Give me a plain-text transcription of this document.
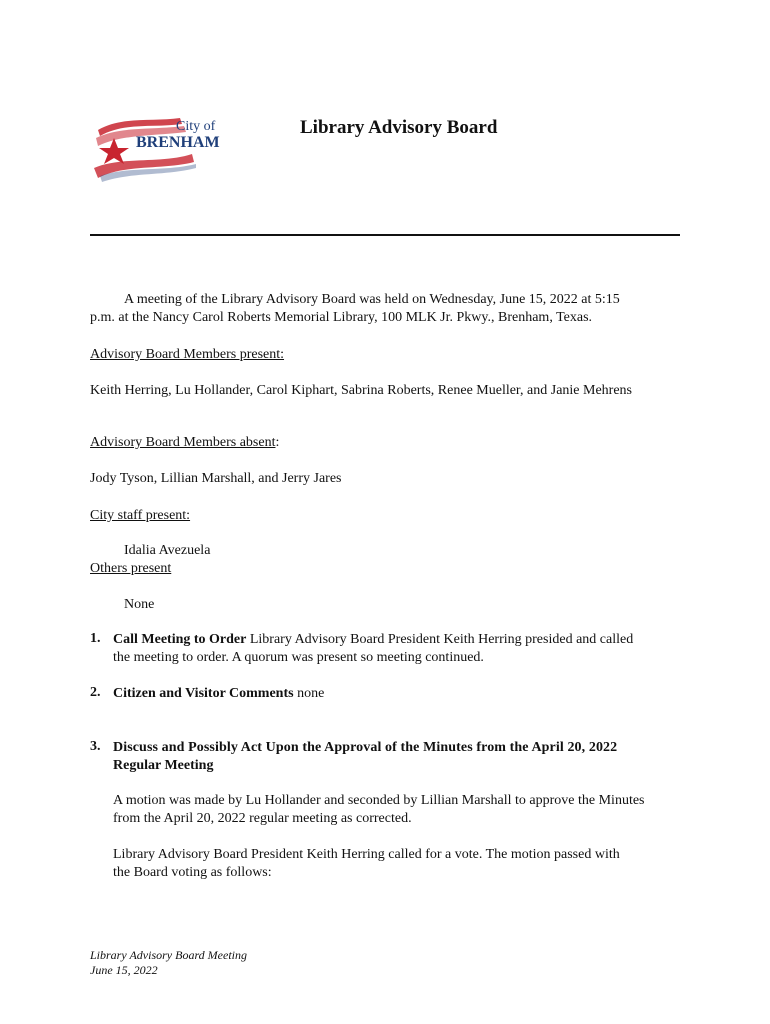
City of
BRENHAM
Library Advisory Board
A meeting of the Library Advisory Board was held on Wednesday, June 15, 2022 at 5:15
p.m. at the Nancy Carol Roberts Memorial Library, 100 MLK Jr. Pkwy., Brenham, Texas.
Advisory Board Members present:
Keith Herring, Lu Hollander, Carol Kiphart, Sabrina Roberts, Renee Mueller, and Janie Mehrens
Advisory Board Members absent:
Jody Tyson, Lillian Marshall, and Jerry Jares
City staff present:
Idalia Avezuela
Others present
None
1. Call Meeting to Order Library Advisory Board President Keith Herring presided and called
the meeting to order. A quorum was present so meeting continued.
2. Citizen and Visitor Comments none
3. Discuss and Possibly Act Upon the Approval of the Minutes from the April 20, 2022
Regular Meeting
A motion was made by Lu Hollander and seconded by Lillian Marshall to approve the Minutes
from the April 20, 2022 regular meeting as corrected.
Library Advisory Board President Keith Herring called for a vote. The motion passed with
the Board voting as follows:
Library Advisory Board Meeting
June 15, 2022
